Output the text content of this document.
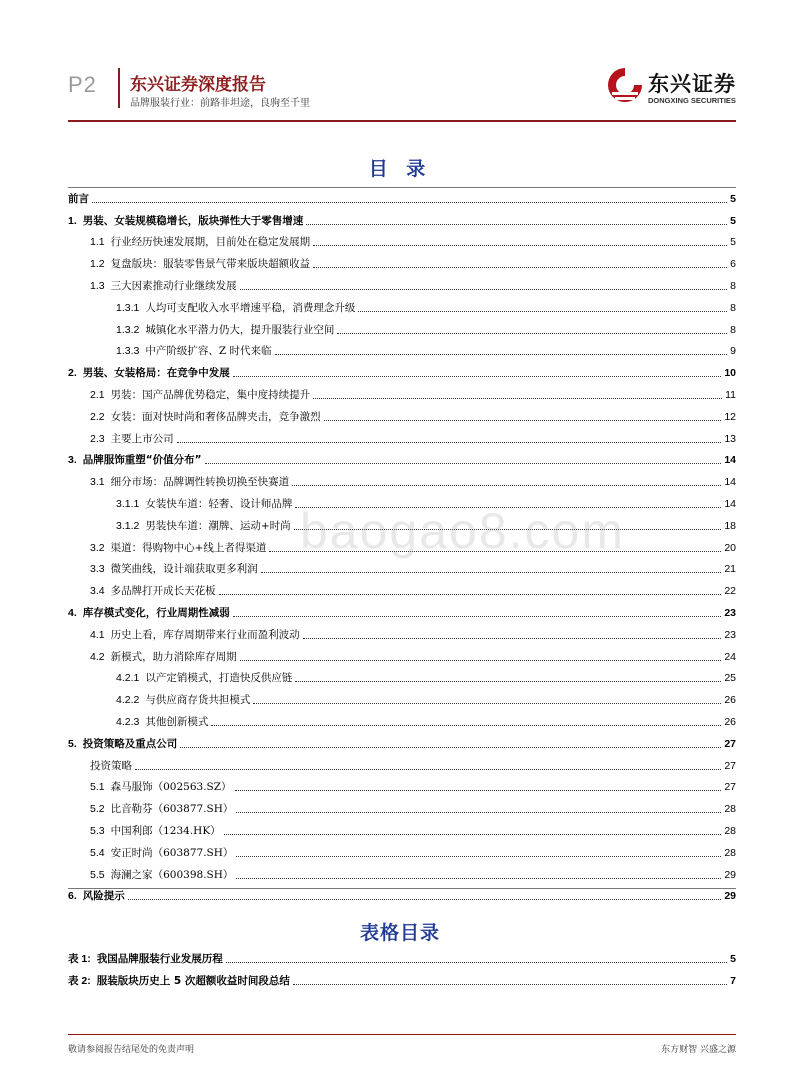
P2 东兴证券深度报告
品牌服装行业：前路非坦途，良驹至千里
东兴证券
DONGXING SECURITIES
目 录
前言	5
1. 男装、女装规模稳增长，版块弹性大于零售增速	5
1.1 行业经历快速发展期，目前处在稳定发展期	5
1.2 复盘版块：服装零售景气带来版块超额收益	6
1.3 三大因素推动行业继续发展	8
1.3.1 人均可支配收入水平增速平稳，消费理念升级	8
1.3.2 城镇化水平潜力仍大，提升服装行业空间	8
1.3.3 中产阶级扩容、Z 时代来临	9
2. 男装、女装格局：在竞争中发展	10
2.1 男装：国产品牌优势稳定，集中度持续提升	11
2.2 女装：面对快时尚和奢侈品牌夹击，竞争激烈	12
2.3 主要上市公司	13
3. 品牌服饰重塑“价值分布”	14
3.1 细分市场：品牌调性转换切换至快赛道	14
3.1.1 女装快车道：轻奢、设计师品牌	14
3.1.2 男装快车道：潮牌、运动+时尚	18
3.2 渠道：得购物中心+线上者得渠道	20
3.3 微笑曲线，设计端获取更多利润	21
3.4 多品牌打开成长天花板	22
4. 库存模式变化，行业周期性减弱	23
4.1 历史上看，库存周期带来行业而盈利波动	23
4.2 新模式，助力消除库存周期	24
4.2.1 以产定销模式，打造快反供应链	25
4.2.2 与供应商存货共担模式	26
4.2.3 其他创新模式	26
5. 投资策略及重点公司	27
投资策略	27
5.1 森马服饰（002563.SZ）	27
5.2 比音勒芬（603877.SH）	28
5.3 中国利郎（1234.HK）	28
5.4 安正时尚（603877.SH）	28
5.5 海澜之家（600398.SH）	29
6. 风险提示	29
表格目录
表 1: 我国品牌服装行业发展历程	5
表 2: 服装版块历史上 5 次超额收益时间段总结	7
baogao8.com
敬请参阅报告结尾处的免责声明	东方财智 兴盛之源
